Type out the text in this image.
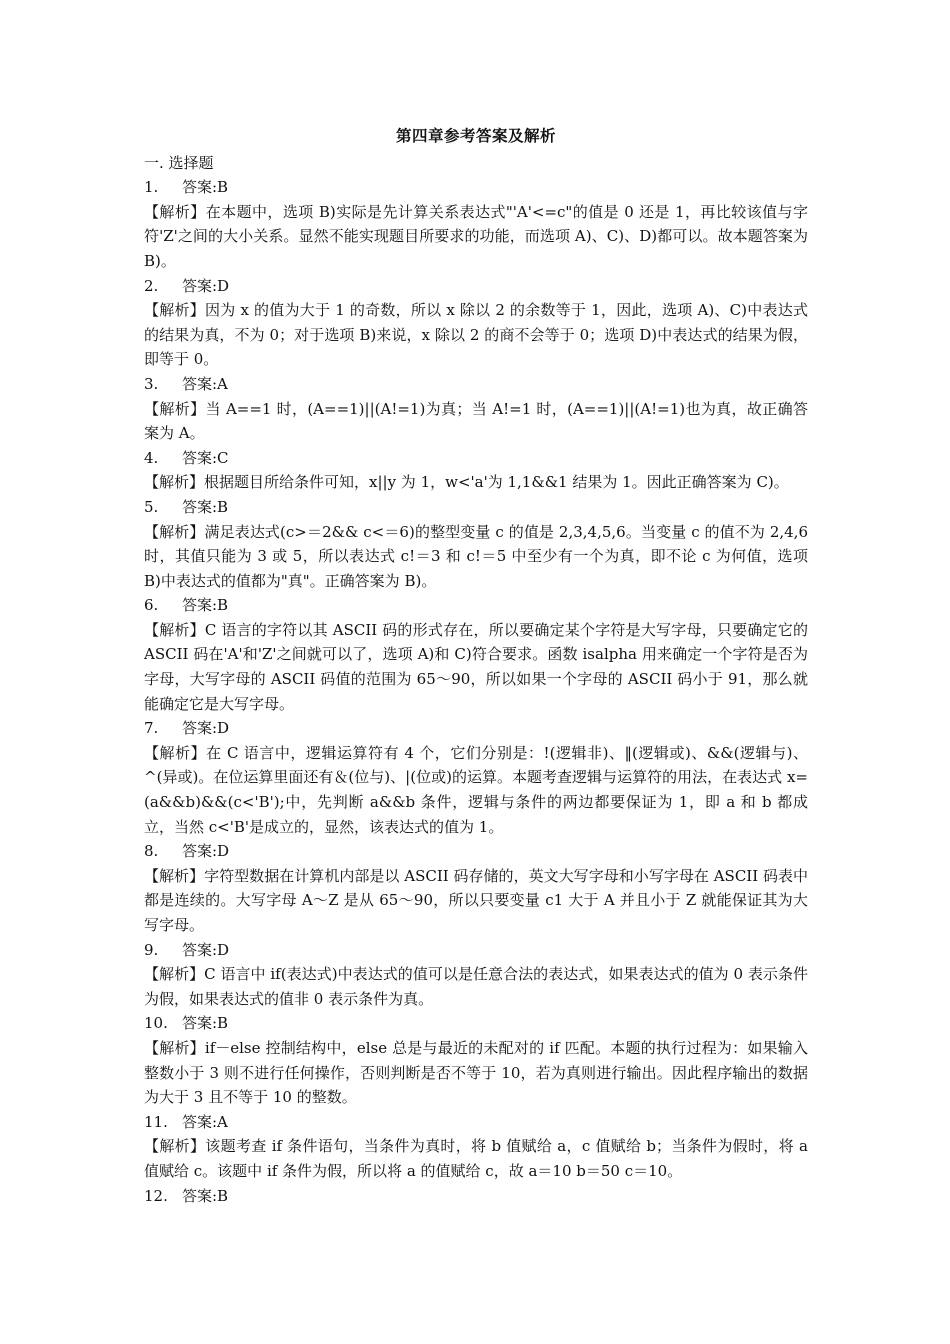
第四章参考答案及解析

一. 选择题

1. 答案:B

【解析】在本题中，选项 B)实际是先计算关系表达式"'A'<=c"的值是 0 还是 1，再比较该值与字符'Z'之间的大小关系。显然不能实现题目所要求的功能，而选项 A)、C)、D)都可以。故本题答案为 B)。

2. 答案:D

【解析】因为 x 的值为大于 1 的奇数，所以 x 除以 2 的余数等于 1，因此，选项 A)、C)中表达式的结果为真，不为 0；对于选项 B)来说，x 除以 2 的商不会等于 0；选项 D)中表达式的结果为假，即等于 0。

3. 答案:A

【解析】当 A==1 时，(A==1)||(A!=1)为真；当 A!=1 时，(A==1)||(A!=1)也为真，故正确答案为 A。

4. 答案:C

【解析】根据题目所给条件可知，x||y 为 1，w<'a'为 1,1&&1 结果为 1。因此正确答案为 C)。

5. 答案:B

【解析】满足表达式(c>＝2&& c<＝6)的整型变量 c 的值是 2,3,4,5,6。当变量 c 的值不为 2,4,6 时，其值只能为 3 或 5，所以表达式 c!＝3 和 c!＝5 中至少有一个为真，即不论 c 为何值，选项 B)中表达式的值都为"真"。正确答案为 B)。

6. 答案:B

【解析】C 语言的字符以其 ASCII 码的形式存在，所以要确定某个字符是大写字母，只要确定它的 ASCII 码在'A'和'Z'之间就可以了，选项 A)和 C)符合要求。函数 isalpha 用来确定一个字符是否为字母，大写字母的 ASCII 码值的范围为 65～90，所以如果一个字母的 ASCII 码小于 91，那么就能确定它是大写字母。

7. 答案:D

【解析】在 C 语言中，逻辑运算符有 4 个，它们分别是：!(逻辑非)、‖(逻辑或)、&&(逻辑与)、^(异或)。在位运算里面还有＆(位与)、|(位或)的运算。本题考查逻辑与运算符的用法，在表达式 x=(a&&b)&&(c<'B');中，先判断 a&&b 条件，逻辑与条件的两边都要保证为 1，即 a 和 b 都成立，当然 c<'B'是成立的，显然，该表达式的值为 1。

8. 答案:D

【解析】字符型数据在计算机内部是以 ASCII 码存储的，英文大写字母和小写字母在 ASCII 码表中都是连续的。大写字母 A～Z 是从 65～90，所以只要变量 c1 大于 A 并且小于 Z 就能保证其为大写字母。

9. 答案:D

【解析】C 语言中 if(表达式)中表达式的值可以是任意合法的表达式，如果表达式的值为 0 表示条件为假，如果表达式的值非 0 表示条件为真。

10. 答案:B

【解析】if－else 控制结构中，else 总是与最近的未配对的 if 匹配。本题的执行过程为：如果输入整数小于 3 则不进行任何操作，否则判断是否不等于 10，若为真则进行输出。因此程序输出的数据为大于 3 且不等于 10 的整数。

11. 答案:A

【解析】该题考查 if 条件语句，当条件为真时，将 b 值赋给 a，c 值赋给 b；当条件为假时，将 a 值赋给 c。该题中 if 条件为假，所以将 a 的值赋给 c，故 a＝10 b＝50 c＝10。

12. 答案:B
